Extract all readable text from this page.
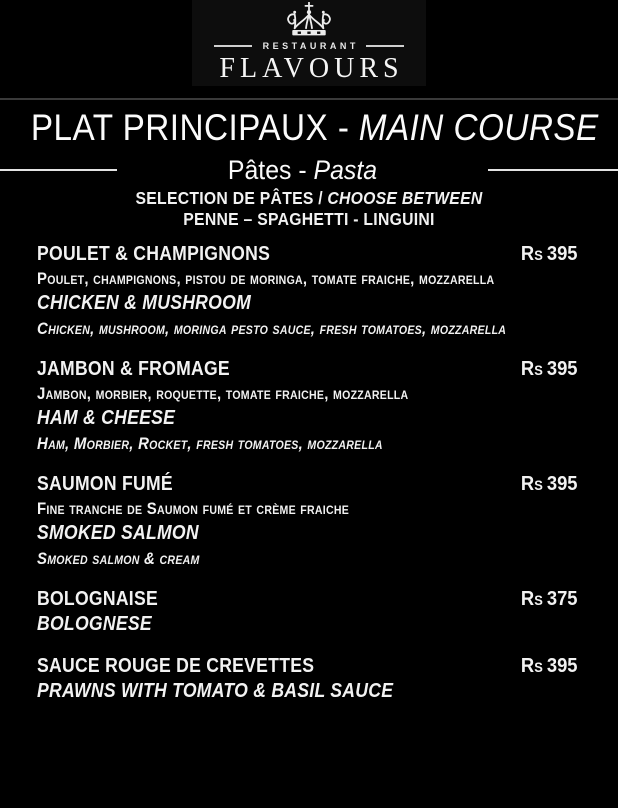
RESTAURANT
FLAVOURS
PLAT PRINCIPAUX - MAIN COURSE
Pâtes - Pasta
SELECTION DE PÂTES / CHOOSE BETWEEN
PENNE – SPAGHETTI - LINGUINI
POULET & CHAMPIGNONS	Rs 395
Poulet, champignons, pistou de moringa, tomate fraiche, mozzarella
CHICKEN & MUSHROOM
Chicken, mushroom, moringa pesto sauce, fresh tomatoes, mozzarella
JAMBON & FROMAGE	Rs 395
Jambon, morbier, roquette, tomate fraiche, mozzarella
HAM & CHEESE
Ham, Morbier, Rocket, fresh tomatoes, mozzarella
SAUMON FUMÉ	Rs 395
Fine tranche de Saumon fumé et crème fraiche
SMOKED SALMON
Smoked salmon & cream
BOLOGNAISE	Rs 375
BOLOGNESE
SAUCE ROUGE DE CREVETTES	Rs 395
PRAWNS WITH TOMATO & BASIL SAUCE
